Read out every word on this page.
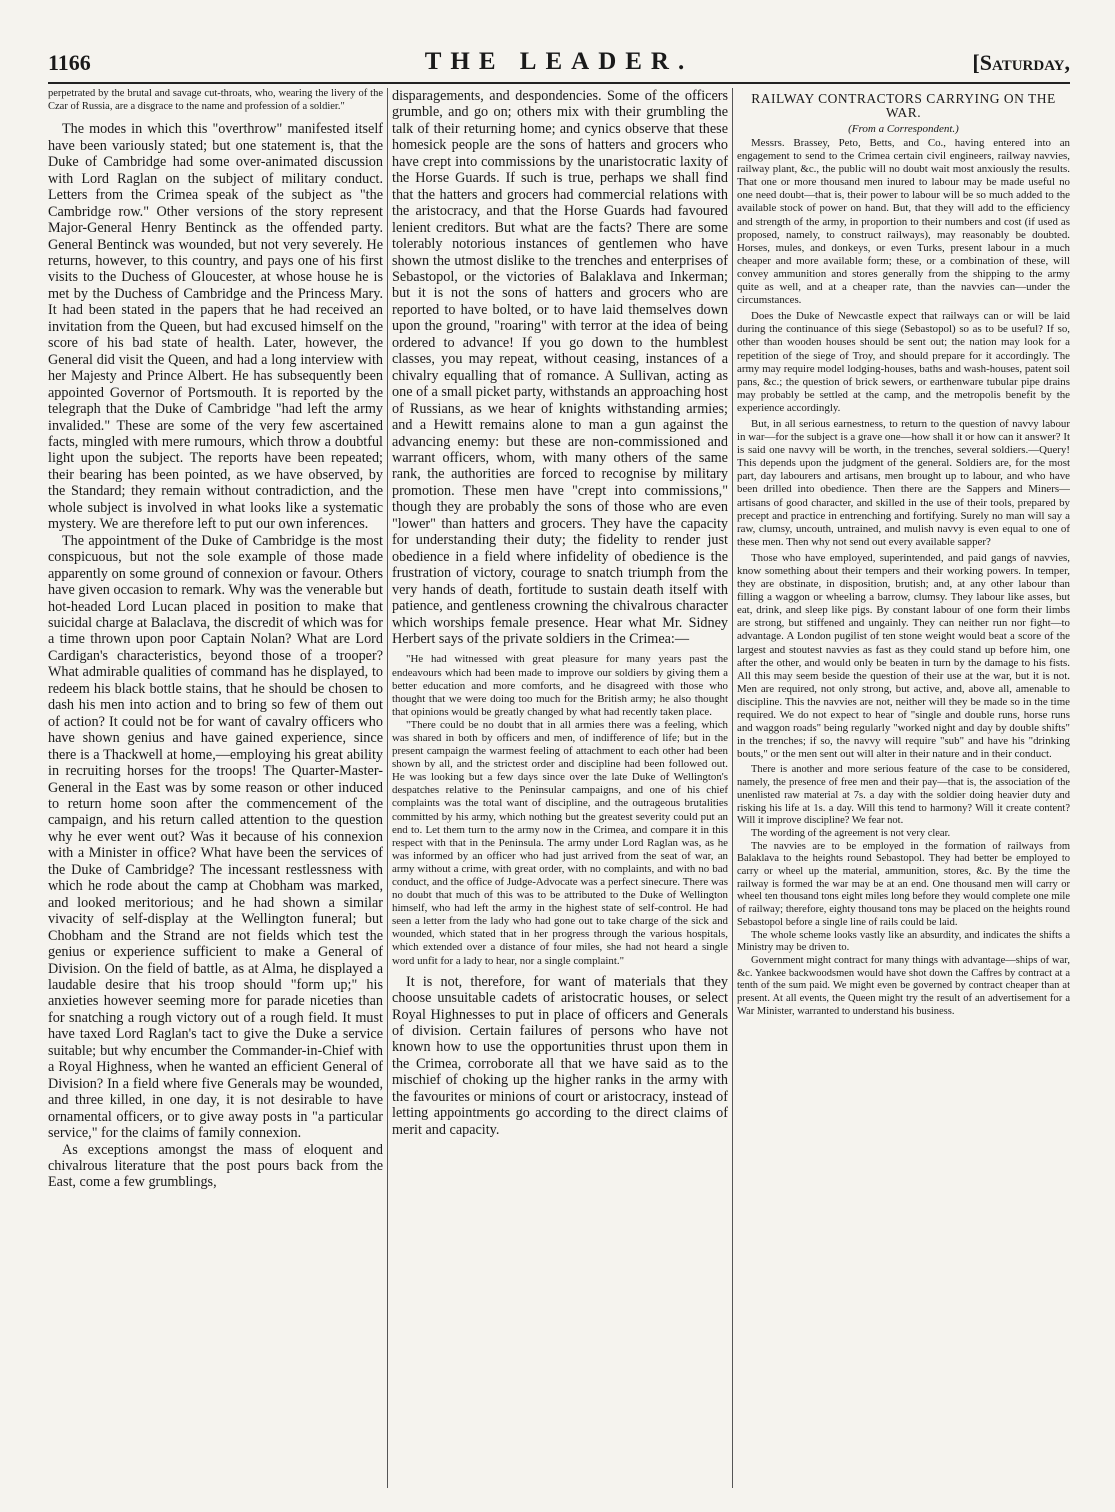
1166	THE LEADER.	[Saturday,

perpetrated by the brutal and savage cut-throats, who, wearing the livery of the Czar of Russia, are a disgrace to the name and profession of a soldier."

The modes in which this "overthrow" manifested itself have been variously stated; but one statement is, that the Duke of Cambridge had some over-animated discussion with Lord Raglan on the subject of military conduct. Letters from the Crimea speak of the subject as "the Cambridge row." Other versions of the story represent Major-General Henry Bentinck as the offended party. General Bentinck was wounded, but not very severely. He returns, however, to this country, and pays one of his first visits to the Duchess of Gloucester, at whose house he is met by the Duchess of Cambridge and the Princess Mary. It had been stated in the papers that he had received an invitation from the Queen, but had excused himself on the score of his bad state of health. Later, however, the General did visit the Queen, and had a long interview with her Majesty and Prince Albert. He has subsequently been appointed Governor of Portsmouth. It is reported by the telegraph that the Duke of Cambridge "had left the army invalided." These are some of the very few ascertained facts, mingled with mere rumours, which throw a doubtful light upon the subject. The reports have been repeated; their bearing has been pointed, as we have observed, by the Standard; they remain without contradiction, and the whole subject is involved in what looks like a systematic mystery. We are therefore left to put our own inferences.

The appointment of the Duke of Cambridge is the most conspicuous, but not the sole example of those made apparently on some ground of connexion or favour. Others have given occasion to remark. Why was the venerable but hot-headed Lord Lucan placed in position to make that suicidal charge at Balaclava, the discredit of which was for a time thrown upon poor Captain Nolan? What are Lord Cardigan's characteristics, beyond those of a trooper? What admirable qualities of command has he displayed, to redeem his black bottle stains, that he should be chosen to dash his men into action and to bring so few of them out of action? It could not be for want of cavalry officers who have shown genius and have gained experience, since there is a Thackwell at home,—employing his great ability in recruiting horses for the troops! The Quarter-Master-General in the East was by some reason or other induced to return home soon after the commencement of the campaign, and his return called attention to the question why he ever went out? Was it because of his connexion with a Minister in office? What have been the services of the Duke of Cambridge? The incessant restlessness with which he rode about the camp at Chobham was marked, and looked meritorious; and he had shown a similar vivacity of self-display at the Wellington funeral; but Chobham and the Strand are not fields which test the genius or experience sufficient to make a General of Division. On the field of battle, as at Alma, he displayed a laudable desire that his troop should "form up;" his anxieties however seeming more for parade niceties than for snatching a rough victory out of a rough field. It must have taxed Lord Raglan's tact to give the Duke a service suitable; but why encumber the Commander-in-Chief with a Royal Highness, when he wanted an efficient General of Division? In a field where five Generals may be wounded, and three killed, in one day, it is not desirable to have ornamental officers, or to give away posts in "a particular service," for the claims of family connexion.

As exceptions amongst the mass of eloquent and chivalrous literature that the post pours back from the East, come a few grumblings,

disparagements, and despondencies. Some of the officers grumble, and go on; others mix with their grumbling the talk of their returning home; and cynics observe that these homesick people are the sons of hatters and grocers who have crept into commissions by the unaristocratic laxity of the Horse Guards. If such is true, perhaps we shall find that the hatters and grocers had commercial relations with the aristocracy, and that the Horse Guards had favoured lenient creditors. But what are the facts? There are some tolerably notorious instances of gentlemen who have shown the utmost dislike to the trenches and enterprises of Sebastopol, or the victories of Balaklava and Inkerman; but it is not the sons of hatters and grocers who are reported to have bolted, or to have laid themselves down upon the ground, "roaring" with terror at the idea of being ordered to advance! If you go down to the humblest classes, you may repeat, without ceasing, instances of a chivalry equalling that of romance. A Sullivan, acting as one of a small picket party, withstands an approaching host of Russians, as we hear of knights withstanding armies; and a Hewitt remains alone to man a gun against the advancing enemy: but these are non-commissioned and warrant officers, whom, with many others of the same rank, the authorities are forced to recognise by military promotion. These men have "crept into commissions," though they are probably the sons of those who are even "lower" than hatters and grocers. They have the capacity for understanding their duty; the fidelity to render just obedience in a field where infidelity of obedience is the frustration of victory, courage to snatch triumph from the very hands of death, fortitude to sustain death itself with patience, and gentleness crowning the chivalrous character which worships female presence. Hear what Mr. Sidney Herbert says of the private soldiers in the Crimea:—

"He had witnessed with great pleasure for many years past the endeavours which had been made to improve our soldiers by giving them a better education and more comforts, and he disagreed with those who thought that we were doing too much for the British army; he also thought that opinions would be greatly changed by what had recently taken place.

"There could be no doubt that in all armies there was a feeling, which was shared in both by officers and men, of indifference of life; but in the present campaign the warmest feeling of attachment to each other had been shown by all, and the strictest order and discipline had been followed out. He was looking but a few days since over the late Duke of Wellington's despatches relative to the Peninsular campaigns, and one of his chief complaints was the total want of discipline, and the outrageous brutalities committed by his army, which nothing but the greatest severity could put an end to. Let them turn to the army now in the Crimea, and compare it in this respect with that in the Peninsula. The army under Lord Raglan was, as he was informed by an officer who had just arrived from the seat of war, an army without a crime, with great order, with no complaints, and with no bad conduct, and the office of Judge-Advocate was a perfect sinecure. There was no doubt that much of this was to be attributed to the Duke of Wellington himself, who had left the army in the highest state of self-control. He had seen a letter from the lady who had gone out to take charge of the sick and wounded, which stated that in her progress through the various hospitals, which extended over a distance of four miles, she had not heard a single word unfit for a lady to hear, nor a single complaint."

It is not, therefore, for want of materials that they choose unsuitable cadets of aristocratic houses, or select Royal Highnesses to put in place of officers and Generals of division. Certain failures of persons who have not known how to use the opportunities thrust upon them in the Crimea, corroborate all that we have said as to the mischief of choking up the higher ranks in the army with the favourites or minions of court or aristocracy, instead of letting appointments go according to the direct claims of merit and capacity.

RAILWAY CONTRACTORS CARRYING ON THE WAR.
(From a Correspondent.)

Messrs. Brassey, Peto, Betts, and Co., having entered into an engagement to send to the Crimea certain civil engineers, railway navvies, railway plant, &c., the public will no doubt wait most anxiously the results. That one or more thousand men inured to labour may be made useful no one need doubt—that is, their power to labour will be so much added to the available stock of power on hand. But, that they will add to the efficiency and strength of the army, in proportion to their numbers and cost (if used as proposed, namely, to construct railways), may reasonably be doubted. Horses, mules, and donkeys, or even Turks, present labour in a much cheaper and more available form; these, or a combination of these, will convey ammunition and stores generally from the shipping to the army quite as well, and at a cheaper rate, than the navvies can—under the circumstances.

Does the Duke of Newcastle expect that railways can or will be laid during the continuance of this siege (Sebastopol) so as to be useful? If so, other than wooden houses should be sent out; the nation may look for a repetition of the siege of Troy, and should prepare for it accordingly. The army may require model lodging-houses, baths and wash-houses, patent soil pans, &c.; the question of brick sewers, or earthenware tubular pipe drains may probably be settled at the camp, and the metropolis benefit by the experience accordingly.

But, in all serious earnestness, to return to the question of navvy labour in war—for the subject is a grave one—how shall it or how can it answer? It is said one navvy will be worth, in the trenches, several soldiers.—Query! This depends upon the judgment of the general. Soldiers are, for the most part, day labourers and artisans, men brought up to labour, and who have been drilled into obedience. Then there are the Sappers and Miners—artisans of good character, and skilled in the use of their tools, prepared by precept and practice in entrenching and fortifying. Surely no man will say a raw, clumsy, uncouth, untrained, and mulish navvy is even equal to one of these men. Then why not send out every available sapper?

Those who have employed, superintended, and paid gangs of navvies, know something about their tempers and their working powers. In temper, they are obstinate, in disposition, brutish; and, at any other labour than filling a waggon or wheeling a barrow, clumsy. They labour like asses, but eat, drink, and sleep like pigs. By constant labour of one form their limbs are strong, but stiffened and ungainly. They can neither run nor fight—to advantage. A London pugilist of ten stone weight would beat a score of the largest and stoutest navvies as fast as they could stand up before him, one after the other, and would only be beaten in turn by the damage to his fists. All this may seem beside the question of their use at the war, but it is not. Men are required, not only strong, but active, and, above all, amenable to discipline. This the navvies are not, neither will they be made so in the time required. We do not expect to hear of "single and double runs, horse runs and waggon roads" being regularly "worked night and day by double shifts" in the trenches; if so, the navvy will require "sub" and have his "drinking bouts," or the men sent out will alter in their nature and in their conduct.

There is another and more serious feature of the case to be considered, namely, the presence of free men and their pay—that is, the association of the unenlisted raw material at 7s. a day with the soldier doing heavier duty and risking his life at 1s. a day. Will this tend to harmony? Will it create content? Will it improve discipline? We fear not.

The wording of the agreement is not very clear.

The navvies are to be employed in the formation of railways from Balaklava to the heights round Sebastopol. They had better be employed to carry or wheel up the material, ammunition, stores, &c. By the time the railway is formed the war may be at an end. One thousand men will carry or wheel ten thousand tons eight miles long before they would complete one mile of railway; therefore, eighty thousand tons may be placed on the heights round Sebastopol before a single line of rails could be laid.

The whole scheme looks vastly like an absurdity, and indicates the shifts a Ministry may be driven to.

Government might contract for many things with advantage—ships of war, &c. Yankee backwoodsmen would have shot down the Caffres by contract at a tenth of the sum paid. We might even be governed by contract cheaper than at present. At all events, the Queen might try the result of an advertisement for a War Minister, warranted to understand his business.
